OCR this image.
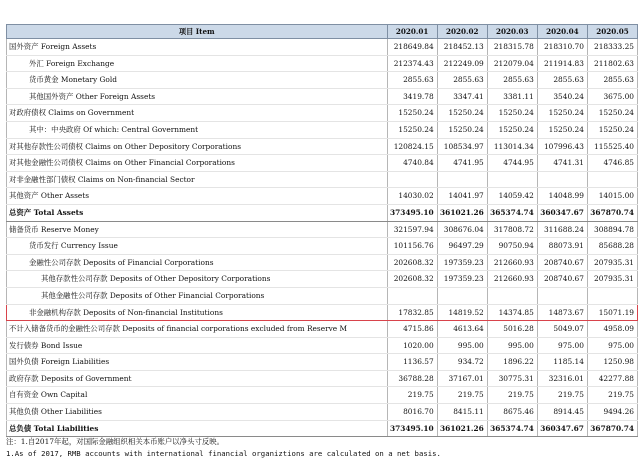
项目 Item	2020.01	2020.02	2020.03	2020.04	2020.05
国外资产 Foreign Assets	218649.84	218452.13	218315.78	218310.70	218333.25
外汇 Foreign Exchange	212374.43	212249.09	212079.04	211914.83	211802.63
货币黄金 Monetary Gold	2855.63	2855.63	2855.63	2855.63	2855.63
其他国外资产 Other Foreign Assets	3419.78	3347.41	3381.11	3540.24	3675.00
对政府债权 Claims on Government	15250.24	15250.24	15250.24	15250.24	15250.24
其中：中央政府 Of which: Central Government	15250.24	15250.24	15250.24	15250.24	15250.24
对其他存款性公司债权 Claims on Other Depository Corporations	120824.15	108534.97	113014.34	107996.43	115525.40
对其他金融性公司债权 Claims on Other Financial Corporations	4740.84	4741.95	4744.95	4741.31	4746.85
对非金融性部门债权 Claims on Non-financial Sector					
其他资产 Other Assets	14030.02	14041.97	14059.42	14048.99	14015.00
总资产 Total Assets	373495.10	361021.26	365374.74	360347.67	367870.74
储备货币 Reserve Money	321597.94	308676.04	317808.72	311688.24	308894.78
货币发行 Currency Issue	101156.76	96497.29	90750.94	88073.91	85688.28
金融性公司存款 Deposits of Financial Corporations	202608.32	197359.23	212660.93	208740.67	207935.31
其他存款性公司存款 Deposits of Other Depository Corporations	202608.32	197359.23	212660.93	208740.67	207935.31
其他金融性公司存款 Deposits of Other Financial Corporations					
非金融机构存款 Deposits of Non-financial Institutions	17832.85	14819.52	14374.85	14873.67	15071.19
不计入储备货币的金融性公司存款 Deposits of financial corporations excluded from Reserve M	4715.86	4613.64	5016.28	5049.07	4958.09
发行债券 Bond Issue	1020.00	995.00	995.00	975.00	975.00
国外负债 Foreign Liabilities	1136.57	934.72	1896.22	1185.14	1250.98
政府存款 Deposits of Government	36788.28	37167.01	30775.31	32316.01	42277.88
自有资金 Own Capital	219.75	219.75	219.75	219.75	219.75
其他负债 Other Liabilities	8016.70	8415.11	8675.46	8914.45	9494.26
总负债 Total Liabilities	373495.10	361021.26	365374.74	360347.67	367870.74
注：1.自2017年起，对国际金融组织相关本币账户以净头寸反映。
1.As of 2017, RMB accounts with international financial organiztions are calculated on a net basis.
